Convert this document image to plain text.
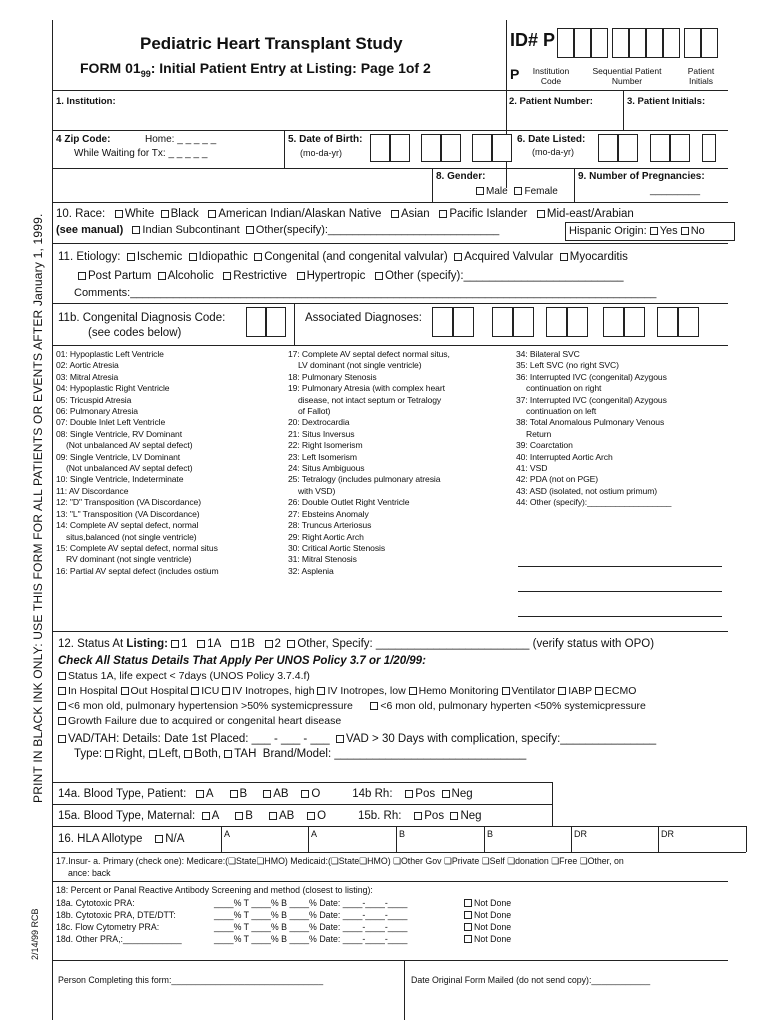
PRINT IN BLACK INK ONLY: USE THIS FORM FOR ALL PATIENTS OR EVENTS AFTER January 1, 1999.
2/14/99 RCB
Pediatric Heart Transplant Study
FORM $01_{99}$: Initial Patient Entry at Listing: Page 1of 2
ID# P
P	Institution Code
Sequential Patient Number
Patient Initials
1. Institution:	2. Patient Number:	3. Patient Initials:
4 Zip Code:	Home: _ _ _ _ _
While Waiting for Tx: _ _ _ _ _
5. Date of Birth:
(mo-da-yr)
6. Date Listed:
(mo-da-yr)
8. Gender:
Male Female
9. Number of Pregnancies:
_________
10. Race: White Black American Indian/Alaskan Native Asian Pacific Islander Mid-east/Arabian
(see manual) Indian Subcontinant Other(specify):____________________________	Hispanic Origin: Yes No
11. Etiology: Ischemic Idiopathic Congenital (and congenital valvular) Acquired Valvular Myocarditis
Post Partum Alcoholic Restrictive Hypertropic Other (specify):_________________________
Comments:______________________________________________________________________________________
11b. Congenital Diagnosis Code:
(see codes below)
Associated Diagnoses:
01: Hypoplastic Left Ventricle
02: Aortic Atresia
03: Mitral Atresia
04: Hypoplastic Right Ventricle
05: Tricuspid Atresia
06: Pulmonary Atresia
07: Double Inlet Left Ventricle
08: Single Ventricle, RV Dominant
(Not unbalanced AV septal defect)
09: Single Ventricle, LV Dominant
(Not unbalanced AV septal defect)
10: Single Ventricle, Indeterminate
11: AV Discordance
12: "D" Transposition (VA Discordance)
13: "L" Transposition (VA Discordance)
14: Complete AV septal defect, normal
situs,balanced (not single ventricle)
15: Complete AV septal defect, normal situs
RV dominant (not single ventricle)
16: Partial AV septal defect (includes ostium
17: Complete AV septal defect normal situs,
LV dominant (not single ventricle)
18: Pulmonary Stenosis
19: Pulmonary Atresia (with complex heart
disease, not intact septum or Tetralogy
of Fallot)
20: Dextrocardia
21: Situs Inversus
22: Right Isomerism
23: Left Isomerism
24: Situs Ambiguous
25: Tetralogy (includes pulmonary atresia
with VSD)
26: Double Outlet Right Ventricle
27: Ebsteins Anomaly
28: Truncus Arteriosus
29: Right Aortic Arch
30: Critical Aortic Stenosis
31: Mitral Stenosis
32: Asplenia
34: Bilateral SVC
35: Left SVC (no right SVC)
36: Interrupted IVC (congenital) Azygous
continuation on right
37: Interrupted IVC (congenital) Azygous
continuation on left
38: Total Anomalous Pulmonary Venous
Return
39: Coarctation
40: Interrupted Aortic Arch
41: VSD
42: PDA (not on PGE)
43: ASD (isolated, not ostium primum)
44: Other (specify):__________________
12. Status At Listing: 1 1A 1B 2 Other, Specify: ________________________ (verify status with OPO)
Check All Status Details That Apply Per UNOS Policy 3.7 or 1/20/99:
Status 1A, life expect < 7days (UNOS Policy 3.7.4.f)
In Hospital Out Hospital ICU IV Inotropes, high IV Inotropes, low Hemo Monitoring Ventilator IABP ECMO
<6 mon old, pulmonary hypertension >50% systemicpressure	<6 mon old, pulmonary hyperten <50% systemicpressure
Growth Failure due to acquired or congenital heart disease
VAD/TAH: Details: Date 1st Placed: ___ - ___ - ___ VAD > 30 Days with complication, specify:_______________
Type: Right, Left, Both, TAH Brand/Model: ______________________________
14a. Blood Type, Patient: A B AB O	14b Rh: Pos Neg
15a. Blood Type, Maternal: A B AB O	15b. Rh: Pos Neg
16. HLA Allotype N/A	A	A	B	B	DR	DR
17.Insur- a. Primary (check one): Medicare:(❏State❏HMO) Medicaid:(❏State❏HMO) ❏Other Gov ❏Private ❏Self ❏donation ❏Free ❏Other, on
ance: back
18: Percent or Panal Reactive Antibody Screening and method (closest to listing):
18a. Cytotoxic PRA:	____% T ____% B ____% Date: ____-____-____	Not Done
18b. Cytotoxic PRA, DTE/DTT:	____% T ____% B ____% Date: ____-____-____	Not Done
18c. Flow Cytometry PRA:	____% T ____% B ____% Date: ____-____-____	Not Done
18d. Other PRA,:____________	____% T ____% B ____% Date: ____-____-____	Not Done
Person Completing this form:_______________________________	Date Original Form Mailed (do not send copy):____________
